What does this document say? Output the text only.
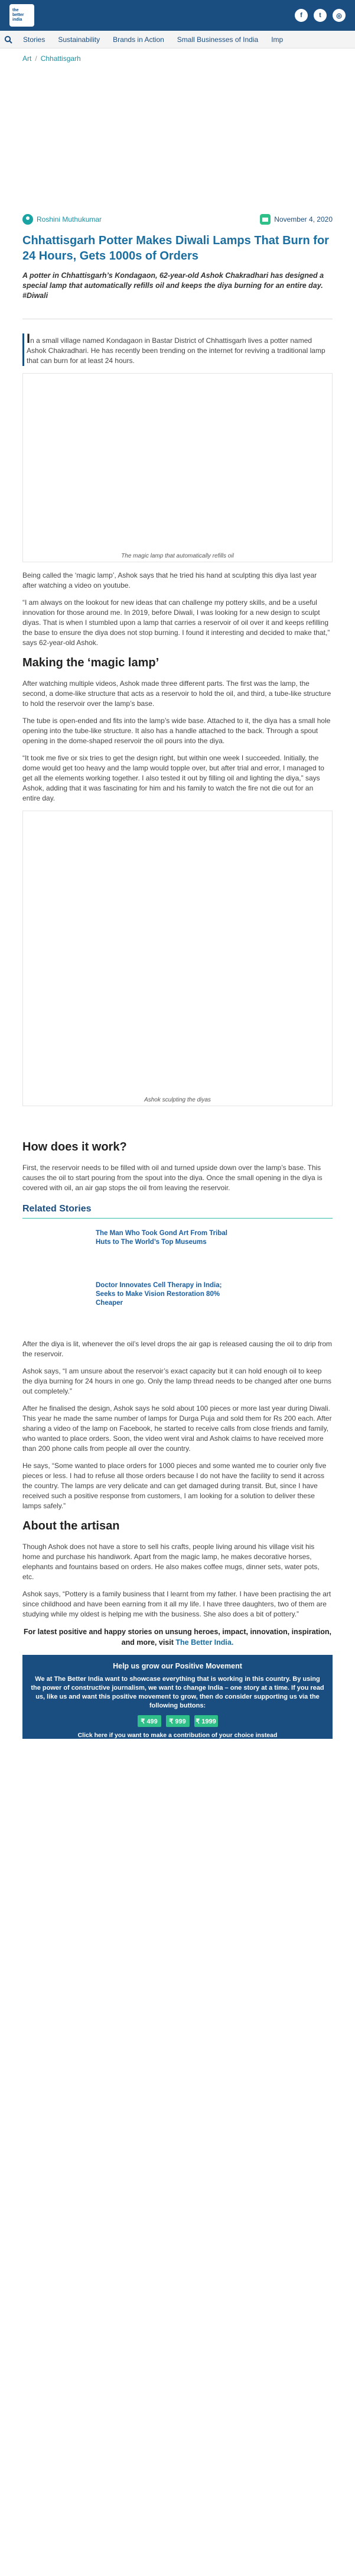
the
better
india
f	t	◎
Stories	Sustainability	Brands in Action	Small Businesses of India	Imp
Art / Chhattisgarh
Roshini Muthukumar	November 4, 2020
Chhattisgarh Potter Makes Diwali Lamps That Burn for 24 Hours, Gets 1000s of Orders
A potter in Chhattisgarh’s Kondagaon, 62-year-old Ashok Chakradhari has designed a special lamp that automatically refills oil and keeps the diya burning for an entire day. #Diwali

In a small village named Kondagaon in Bastar District of Chhattisgarh lives a potter named Ashok Chakradhari. He has recently been trending on the internet for reviving a traditional lamp that can burn for at least 24 hours.

The magic lamp that automatically refills oil

Being called the ‘magic lamp’, Ashok says that he tried his hand at sculpting this diya last year after watching a video on youtube.

“I am always on the lookout for new ideas that can challenge my pottery skills, and be a useful innovation for those around me. In 2019, before Diwali, I was looking for a new design to sculpt diyas. That is when I stumbled upon a lamp that carries a reservoir of oil over it and keeps refilling the base to ensure the diya does not stop burning. I found it interesting and decided to make that,” says 62-year-old Ashok.

Making the ‘magic lamp’

After watching multiple videos, Ashok made three different parts. The first was the lamp, the second, a dome-like structure that acts as a reservoir to hold the oil, and third, a tube-like structure to hold the reservoir over the lamp’s base.

The tube is open-ended and fits into the lamp’s wide base. Attached to it, the diya has a small hole opening into the tube-like structure. It also has a handle attached to the back. Through a spout opening in the dome-shaped reservoir the oil pours into the diya.

“It took me five or six tries to get the design right, but within one week I succeeded. Initially, the dome would get too heavy and the lamp would topple over, but after trial and error, I managed to get all the elements working together. I also tested it out by filling oil and lighting the diya,” says Ashok, adding that it was fascinating for him and his family to watch the fire not die out for an entire day.

Ashok sculpting the diyas
How does it work?

First, the reservoir needs to be filled with oil and turned upside down over the lamp’s base. This causes the oil to start pouring from the spout into the diya. Once the small opening in the diya is covered with oil, an air gap stops the oil from leaving the reservoir.

Related Stories
The Man Who Took Gond Art From Tribal Huts to The World’s Top Museums
Doctor Innovates Cell Therapy in India; Seeks to Make Vision Restoration 80% Cheaper

After the diya is lit, whenever the oil’s level drops the air gap is released causing the oil to drip from the reservoir.

Ashok says, “I am unsure about the reservoir’s exact capacity but it can hold enough oil to keep the diya burning for 24 hours in one go. Only the lamp thread needs to be changed after one burns out completely.”

After he finalised the design, Ashok says he sold about 100 pieces or more last year during Diwali. This year he made the same number of lamps for Durga Puja and sold them for Rs 200 each. After sharing a video of the lamp on Facebook, he started to receive calls from close friends and family, who wanted to place orders. Soon, the video went viral and Ashok claims to have received more than 200 phone calls from people all over the country.

He says, “Some wanted to place orders for 1000 pieces and some wanted me to courier only five pieces or less. I had to refuse all those orders because I do not have the facility to send it across the country. The lamps are very delicate and can get damaged during transit. But, since I have received such a positive response from customers, I am looking for a solution to deliver these lamps safely.”

About the artisan

Though Ashok does not have a store to sell his crafts, people living around his village visit his home and purchase his handiwork. Apart from the magic lamp, he makes decorative horses, elephants and fountains based on orders. He also makes coffee mugs, dinner sets, water pots, etc.

Ashok says, “Pottery is a family business that I learnt from my father. I have been practising the art since childhood and have been earning from it all my life. I have three daughters, two of them are studying while my oldest is helping me with the business. She also does a bit of pottery.”

For latest positive and happy stories on unsung heroes, impact, innovation, inspiration, and more, visit The Better India.
Help us grow our Positive Movement
We at The Better India want to showcase everything that is working in this country. By using the power of constructive journalism, we want to change India – one story at a time. If you read us, like us and want this positive movement to grow, then do consider supporting us via the following buttons:
₹ 499	₹ 999	₹ 1999
Click here if you want to make a contribution of your choice instead
